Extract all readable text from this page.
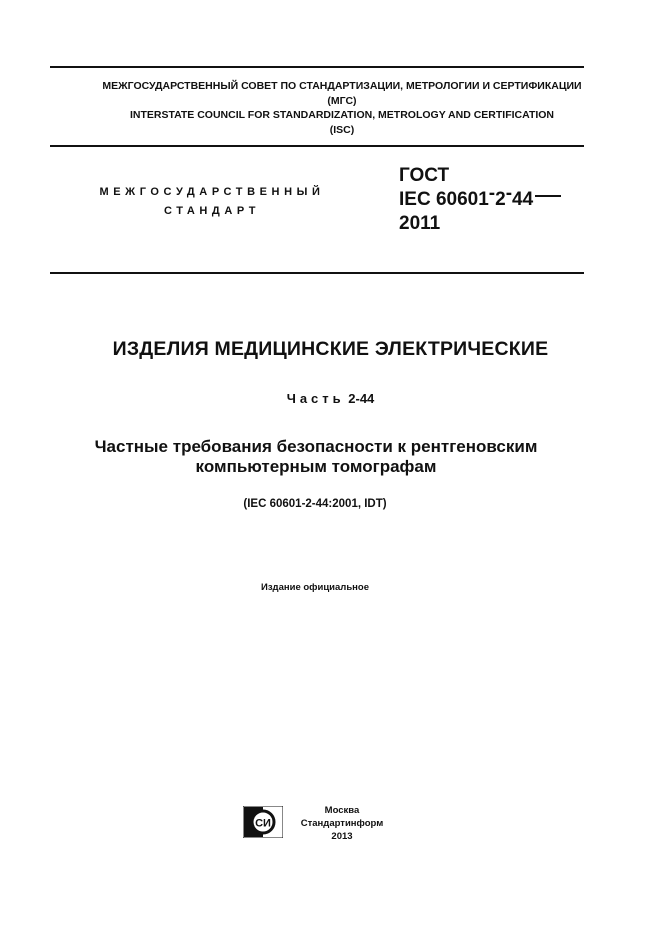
МЕЖГОСУДАРСТВЕННЫЙ СОВЕТ ПО СТАНДАРТИЗАЦИИ, МЕТРОЛОГИИ И СЕРТИФИКАЦИИ
(МГС)
INTERSTATE COUNCIL FOR STANDARDIZATION, METROLOGY AND CERTIFICATION
(ISC)
МЕЖГОСУДАРСТВЕННЫЙ
СТАНДАРТ
ГОСТ
IEC 60601-2-44
2011
ИЗДЕЛИЯ МЕДИЦИНСКИЕ ЭЛЕКТРИЧЕСКИЕ
Часть 2-44
Частные требования безопасности к рентгеновским
компьютерным томографам
(IEC 60601-2-44:2001, IDT)
Издание официальное
СИ
Москва
Стандартинформ
2013
